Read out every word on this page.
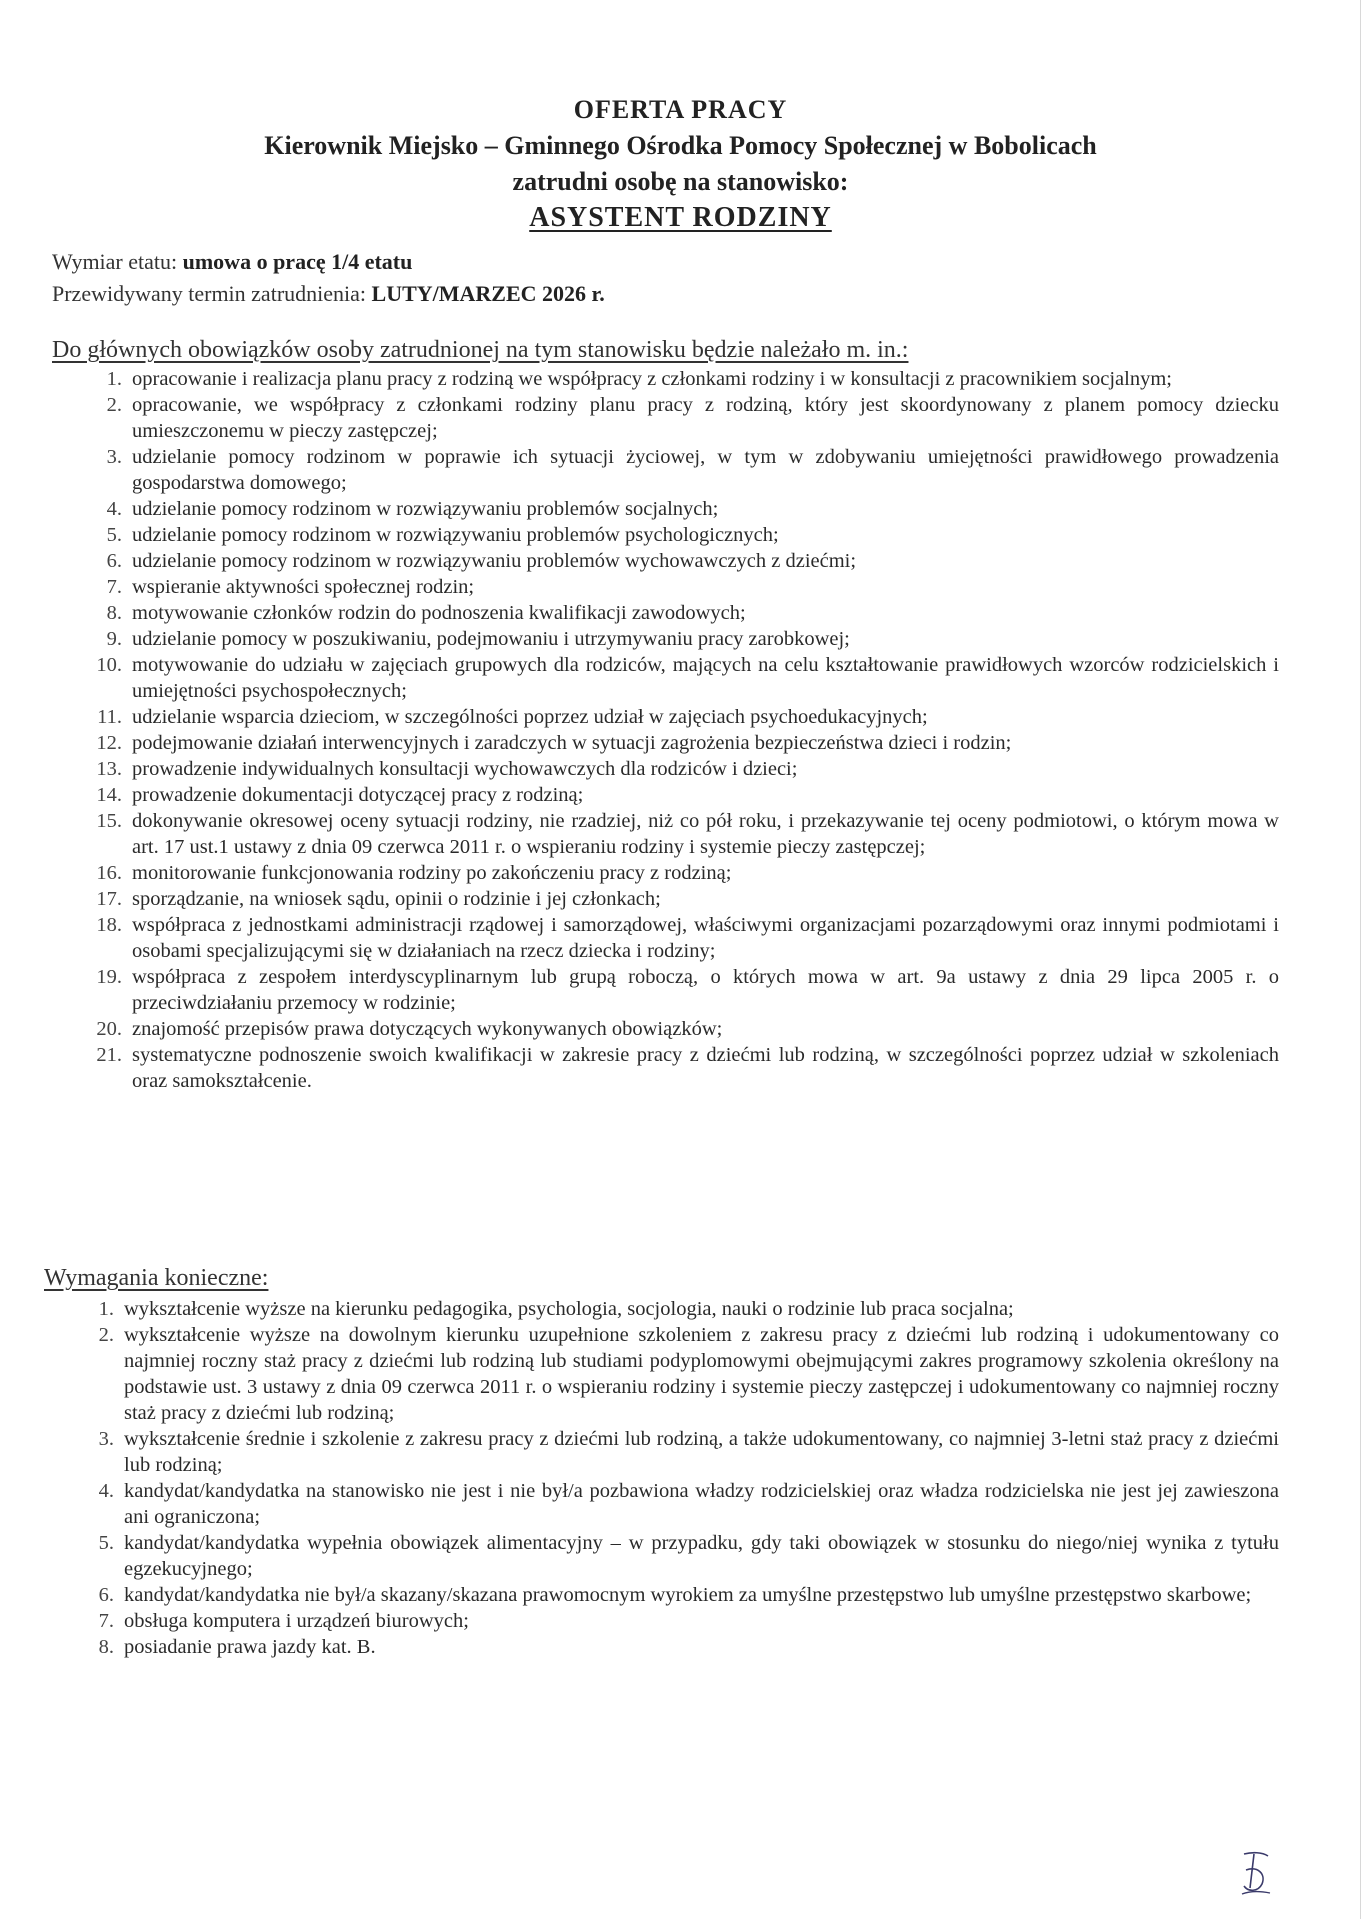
OFERTA PRACY
Kierownik Miejsko – Gminnego Ośrodka Pomocy Społecznej w Bobolicach
zatrudni osobę na stanowisko:
ASYSTENT RODZINY
Wymiar etatu: umowa o pracę 1/4 etatu
Przewidywany termin zatrudnienia: LUTY/MARZEC 2026 r.
Do głównych obowiązków osoby zatrudnionej na tym stanowisku będzie należało m. in.:
1. opracowanie i realizacja planu pracy z rodziną we współpracy z członkami rodziny i w konsultacji z pracownikiem socjalnym;
2. opracowanie, we współpracy z członkami rodziny planu pracy z rodziną, który jest skoordynowany z planem pomocy dziecku umieszczonemu w pieczy zastępczej;
3. udzielanie pomocy rodzinom w poprawie ich sytuacji życiowej, w tym w zdobywaniu umiejętności prawidłowego prowadzenia gospodarstwa domowego;
4. udzielanie pomocy rodzinom w rozwiązywaniu problemów socjalnych;
5. udzielanie pomocy rodzinom w rozwiązywaniu problemów psychologicznych;
6. udzielanie pomocy rodzinom w rozwiązywaniu problemów wychowawczych z dziećmi;
7. wspieranie aktywności społecznej rodzin;
8. motywowanie członków rodzin do podnoszenia kwalifikacji zawodowych;
9. udzielanie pomocy w poszukiwaniu, podejmowaniu i utrzymywaniu pracy zarobkowej;
10. motywowanie do udziału w zajęciach grupowych dla rodziców, mających na celu kształtowanie prawidłowych wzorców rodzicielskich i umiejętności psychospołecznych;
11. udzielanie wsparcia dzieciom, w szczególności poprzez udział w zajęciach psychoedukacyjnych;
12. podejmowanie działań interwencyjnych i zaradczych w sytuacji zagrożenia bezpieczeństwa dzieci i rodzin;
13. prowadzenie indywidualnych konsultacji wychowawczych dla rodziców i dzieci;
14. prowadzenie dokumentacji dotyczącej pracy z rodziną;
15. dokonywanie okresowej oceny sytuacji rodziny, nie rzadziej, niż co pół roku, i przekazywanie tej oceny podmiotowi, o którym mowa w art. 17 ust.1 ustawy z dnia 09 czerwca 2011 r. o wspieraniu rodziny i systemie pieczy zastępczej;
16. monitorowanie funkcjonowania rodziny po zakończeniu pracy z rodziną;
17. sporządzanie, na wniosek sądu, opinii o rodzinie i jej członkach;
18. współpraca z jednostkami administracji rządowej i samorządowej, właściwymi organizacjami pozarządowymi oraz innymi podmiotami i osobami specjalizującymi się w działaniach na rzecz dziecka i rodziny;
19. współpraca z zespołem interdyscyplinarnym lub grupą roboczą, o których mowa w art. 9a ustawy z dnia 29 lipca 2005 r. o przeciwdziałaniu przemocy w rodzinie;
20. znajomość przepisów prawa dotyczących wykonywanych obowiązków;
21. systematyczne podnoszenie swoich kwalifikacji w zakresie pracy z dziećmi lub rodziną, w szczególności poprzez udział w szkoleniach oraz samokształcenie.
Wymagania konieczne:
1. wykształcenie wyższe na kierunku pedagogika, psychologia, socjologia, nauki o rodzinie lub praca socjalna;
2. wykształcenie wyższe na dowolnym kierunku uzupełnione szkoleniem z zakresu pracy z dziećmi lub rodziną i udokumentowany co najmniej roczny staż pracy z dziećmi lub rodziną lub studiami podyplomowymi obejmującymi zakres programowy szkolenia określony na podstawie ust. 3 ustawy z dnia 09 czerwca 2011 r. o wspieraniu rodziny i systemie pieczy zastępczej i udokumentowany co najmniej roczny staż pracy z dziećmi lub rodziną;
3. wykształcenie średnie i szkolenie z zakresu pracy z dziećmi lub rodziną, a także udokumentowany, co najmniej 3-letni staż pracy z dziećmi lub rodziną;
4. kandydat/kandydatka na stanowisko nie jest i nie był/a pozbawiona władzy rodzicielskiej oraz władza rodzicielska nie jest jej zawieszona ani ograniczona;
5. kandydat/kandydatka wypełnia obowiązek alimentacyjny – w przypadku, gdy taki obowiązek w stosunku do niego/niej wynika z tytułu egzekucyjnego;
6. kandydat/kandydatka nie był/a skazany/skazana prawomocnym wyrokiem za umyślne przestępstwo lub umyślne przestępstwo skarbowe;
7. obsługa komputera i urządzeń biurowych;
8. posiadanie prawa jazdy kat. B.
